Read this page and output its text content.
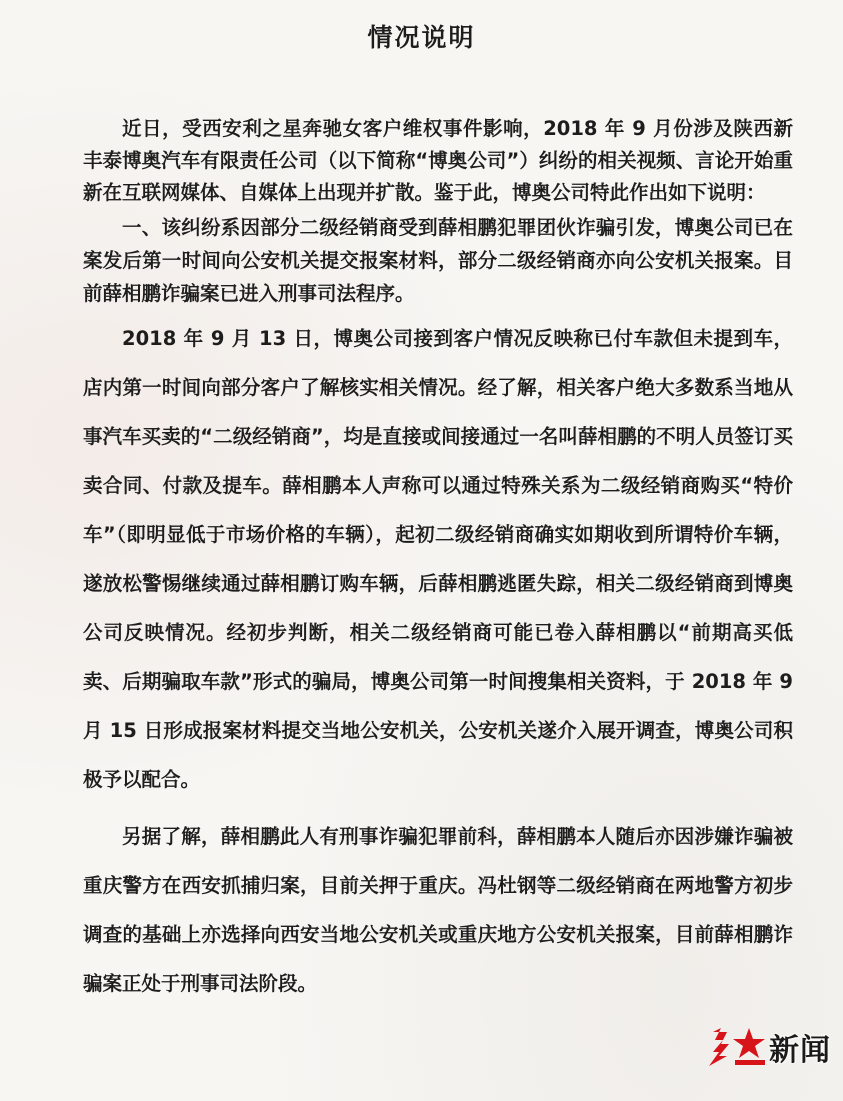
情况说明

近日，受西安利之星奔驰女客户维权事件影响，2018 年 9 月份涉及陕西新丰泰博奥汽车有限责任公司（以下简称“博奥公司”）纠纷的相关视频、言论开始重新在互联网媒体、自媒体上出现并扩散。鉴于此，博奥公司特此作出如下说明：

一、该纠纷系因部分二级经销商受到薛相鹏犯罪团伙诈骗引发，博奥公司已在案发后第一时间向公安机关提交报案材料，部分二级经销商亦向公安机关报案。目前薛相鹏诈骗案已进入刑事司法程序。

2018 年 9 月 13 日，博奥公司接到客户情况反映称已付车款但未提到车，店内第一时间向部分客户了解核实相关情况。经了解，相关客户绝大多数系当地从事汽车买卖的“二级经销商”，均是直接或间接通过一名叫薛相鹏的不明人员签订买卖合同、付款及提车。薛相鹏本人声称可以通过特殊关系为二级经销商购买“特价车”（即明显低于市场价格的车辆），起初二级经销商确实如期收到所谓特价车辆，遂放松警惕继续通过薛相鹏订购车辆，后薛相鹏逃匿失踪，相关二级经销商到博奥公司反映情况。经初步判断，相关二级经销商可能已卷入薛相鹏以“前期高买低卖、后期骗取车款”形式的骗局，博奥公司第一时间搜集相关资料，于 2018 年 9 月 15 日形成报案材料提交当地公安机关，公安机关遂介入展开调查，博奥公司积极予以配合。

另据了解，薛相鹏此人有刑事诈骗犯罪前科，薛相鹏本人随后亦因涉嫌诈骗被重庆警方在西安抓捕归案，目前关押于重庆。冯杜钢等二级经销商在两地警方初步调查的基础上亦选择向西安当地公安机关或重庆地方公安机关报案，目前薛相鹏诈骗案正处于刑事司法阶段。

新闻
